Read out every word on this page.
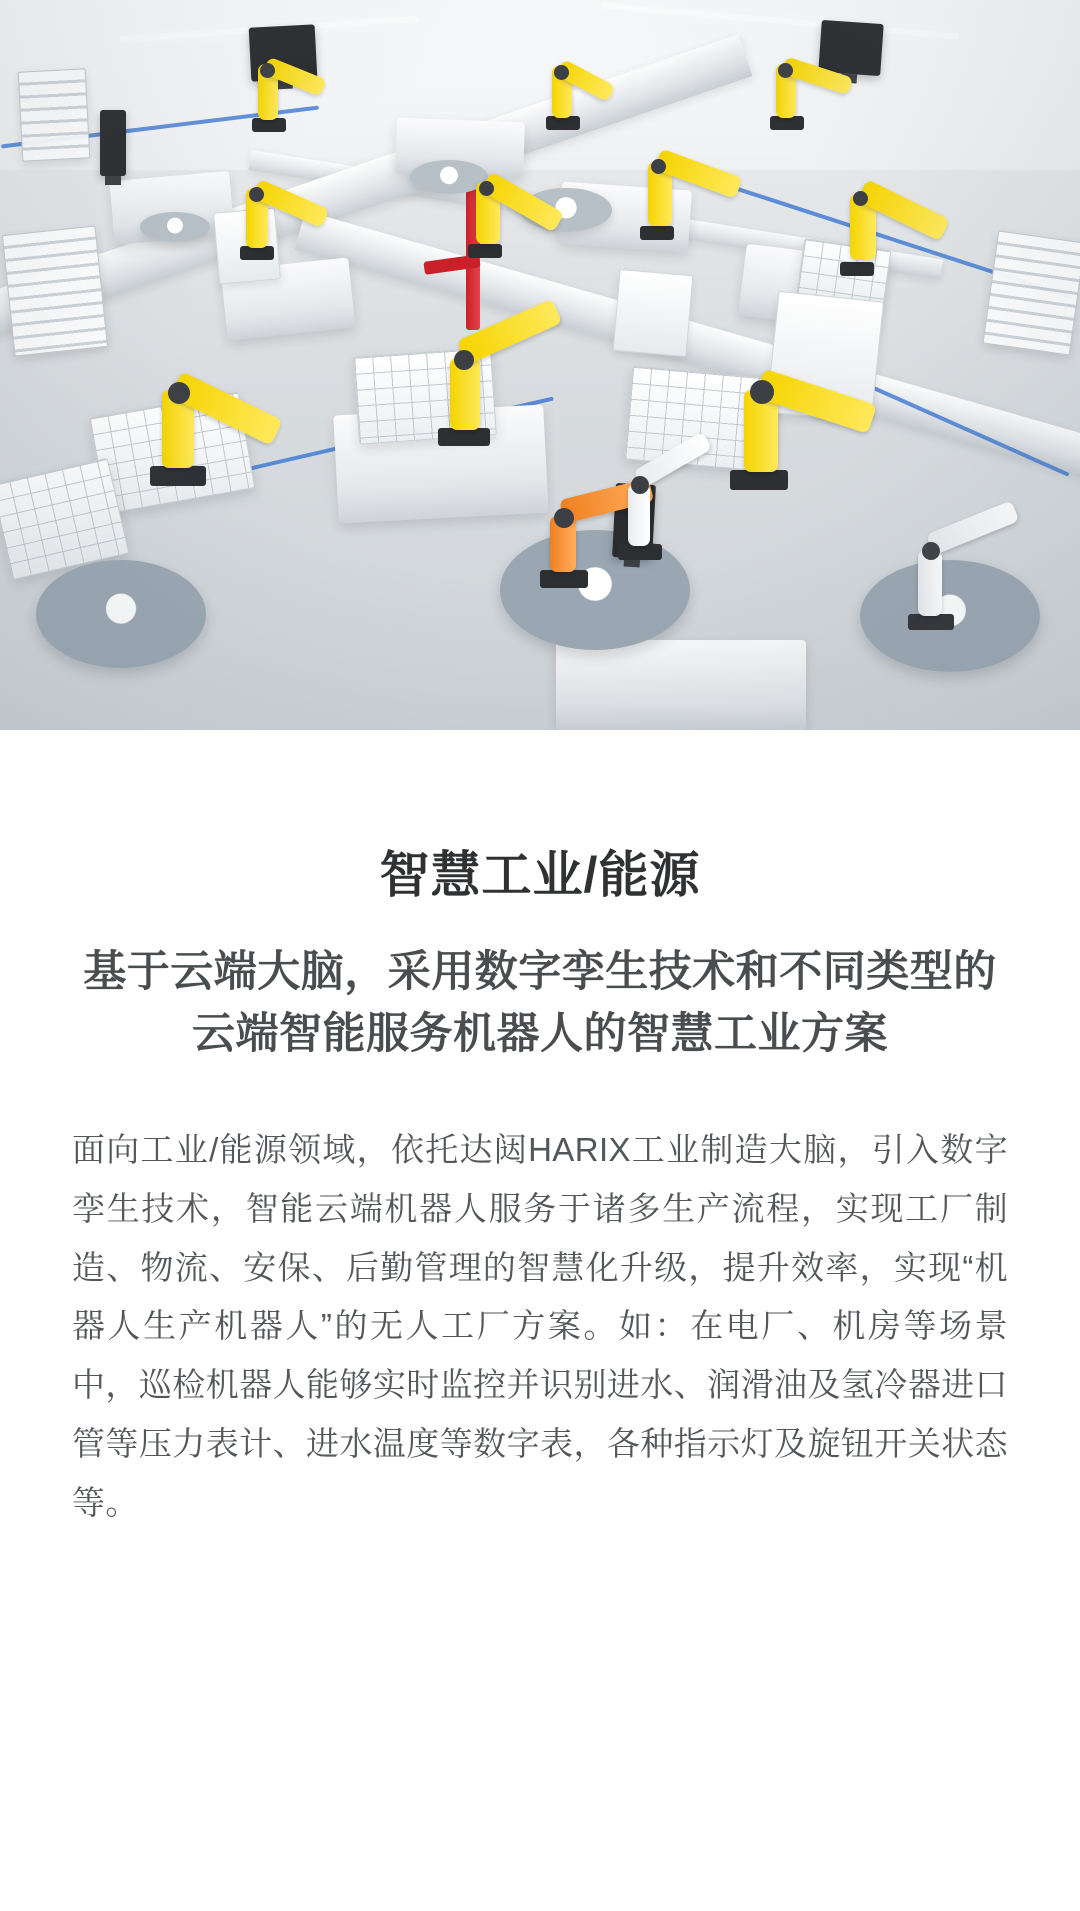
智慧工业/能源
基于云端大脑，采用数字孪生技术和不同类型的云端智能服务机器人的智慧工业方案

面向工业/能源领域，依托达闼HARIX工业制造大脑，引入数字孪生技术，智能云端机器人服务于诸多生产流程，实现工厂制造、物流、安保、后勤管理的智慧化升级，提升效率，实现“机器人生产机器人”的无人工厂方案。如：在电厂、机房等场景中，巡检机器人能够实时监控并识别进水、润滑油及氢冷器进口管等压力表计、进水温度等数字表，各种指示灯及旋钮开关状态等。
